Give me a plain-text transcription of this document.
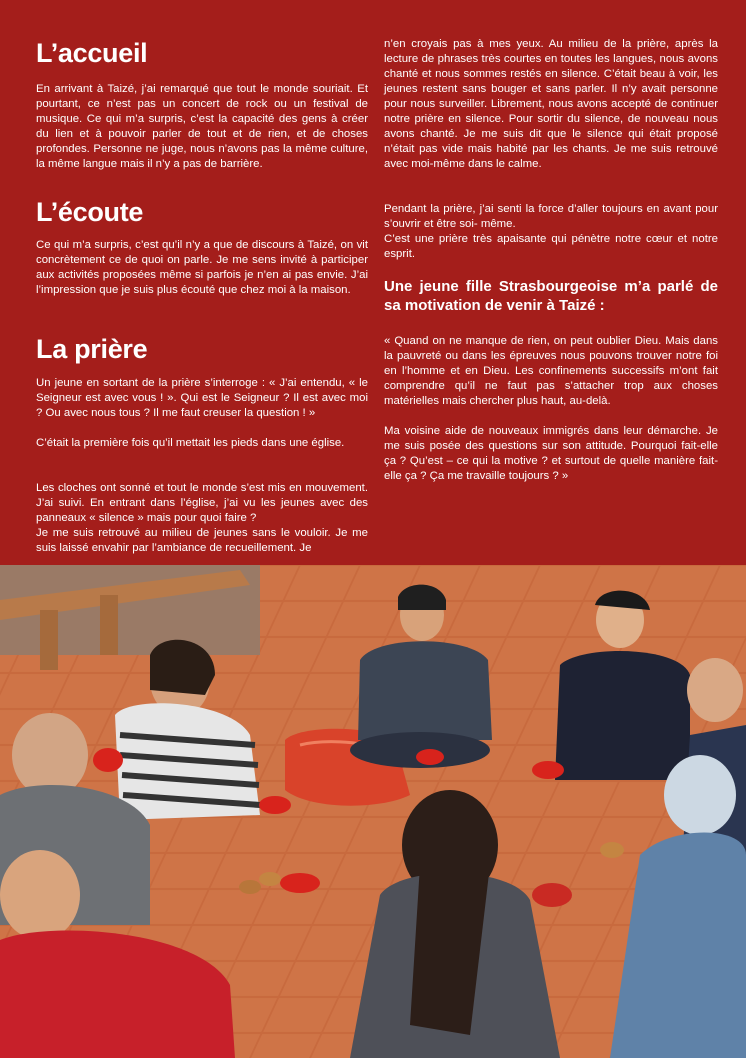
L’accueil

En arrivant à Taizé, j’ai remarqué que tout le monde souriait. Et pourtant, ce n’est pas un concert de rock ou un festival de musique. Ce qui m’a surpris, c’est la capacité des gens à créer du lien et à pouvoir parler de tout et de rien, et de choses profondes. Personne ne juge, nous n’avons pas la même culture, la même langue mais il n’y a pas de barrière.

L’écoute

Ce qui m’a surpris, c’est qu’il n’y a que de discours à Taizé, on vit concrètement ce de quoi on parle. Je me sens invité à participer aux activités proposées même si parfois je n’en ai pas envie. J’ai l’impression que je suis plus écouté que chez moi à la maison.

La prière

Un jeune en sortant de la prière s’interroge : « J’ai entendu, « le Seigneur est avec vous ! ». Qui est le Seigneur ? Il est avec moi ? Ou avec nous tous ? Il me faut creuser la question ! »

C’était la première fois qu’il mettait les pieds dans une église.

Les cloches ont sonné et tout le monde s’est mis en mouvement. J’ai suivi. En entrant dans l’église, j’ai vu les jeunes avec des panneaux « silence » mais pour quoi faire ?

Je me suis retrouvé au milieu de jeunes sans le vouloir. Je me suis laissé envahir par l’ambiance de recueillement. Je

n’en croyais pas à mes yeux. Au milieu de la prière, après la lecture de phrases très courtes en toutes les langues, nous avons chanté et nous sommes restés en silence. C’était beau à voir, les jeunes restent sans bouger et sans parler. Il n’y avait personne pour nous surveiller. Librement, nous avons accepté de continuer notre prière en silence. Pour sortir du silence, de nouveau nous avons chanté. Je me suis dit que le silence qui était proposé n’était pas vide mais habité par les chants. Je me suis retrouvé avec moi-même dans le calme.

Pendant la prière, j’ai senti la force d’aller toujours en avant pour s’ouvrir et être soi- même.

C’est une prière très apaisante qui pénètre notre cœur et notre esprit.

Une jeune fille Strasbourgeoise m’a parlé de sa motivation de venir à Taizé :

« Quand on ne manque de rien, on peut oublier Dieu. Mais dans la pauvreté ou dans les épreuves nous pouvons trouver notre foi en l’homme et en Dieu. Les confinements successifs m’ont fait comprendre qu’il ne faut pas s’attacher trop aux choses matérielles mais chercher plus haut, au-delà.

Ma voisine aide de nouveaux immigrés dans leur démarche. Je me suis posée des questions sur son attitude. Pourquoi fait-elle ça ? Qu’est – ce qui la motive ? et surtout de quelle manière fait-elle ça ? Ça me travaille toujours ? »
